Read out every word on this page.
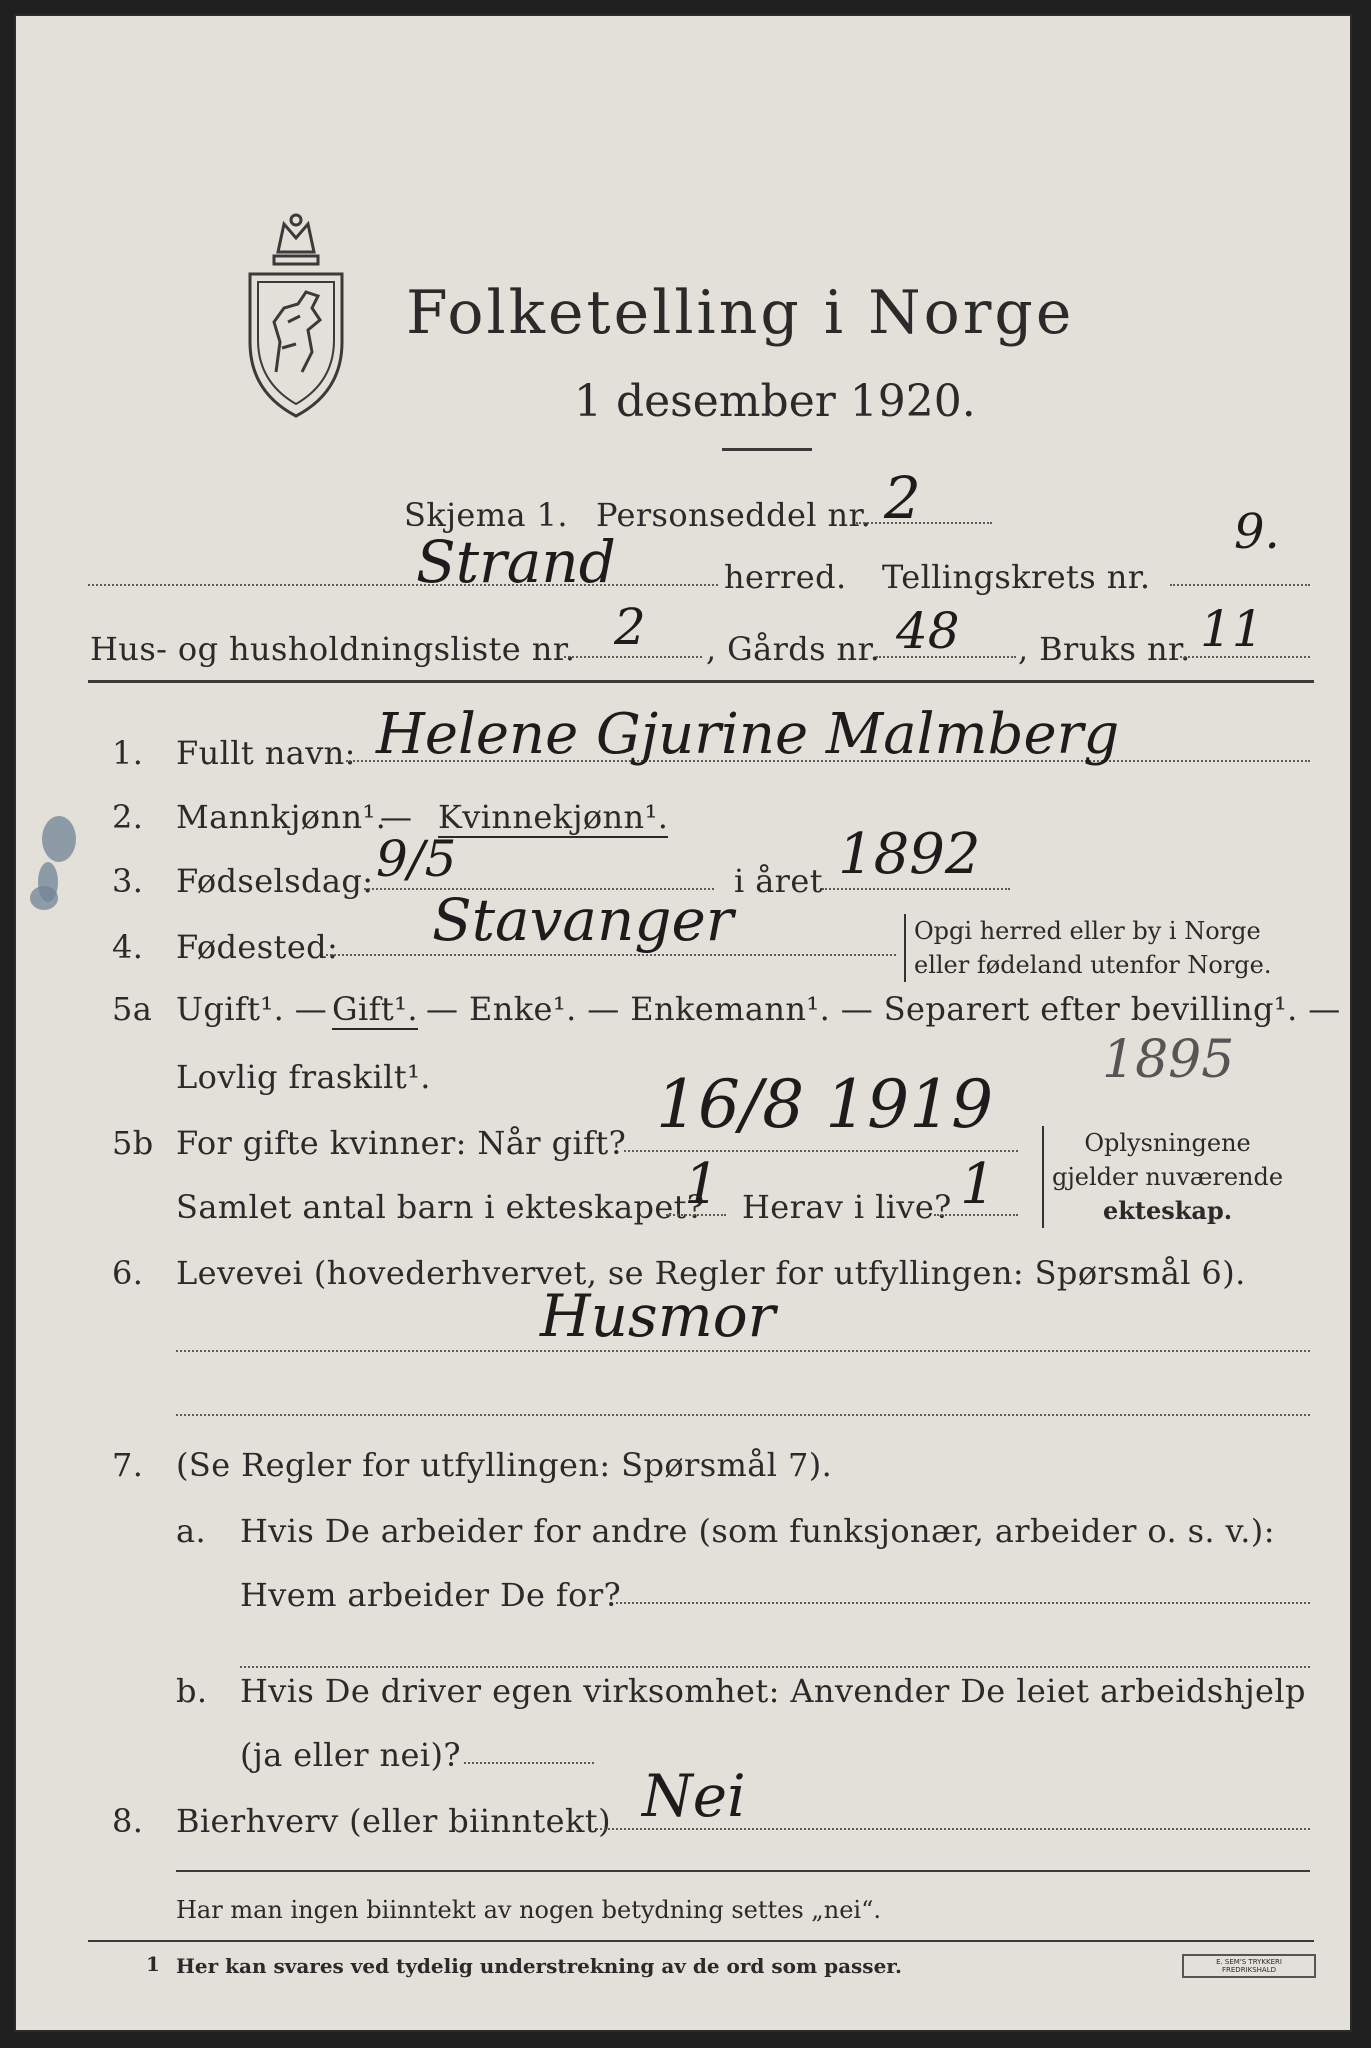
Folketelling i Norge
1 desember 1920.
Skjema 1. Personseddel nr. 2
Strand	herred. Tellingskrets nr.
9.
Hus- og husholdningsliste nr. 2 , Gårds nr. 48 , Bruks nr. 11
1. Fullt navn: Helene Gjurine Malmberg
2. Mannkjønn¹.
— Kvinnekjønn¹.
3. Fødselsdag: 9/5	i året 1892
4. Fødested: Stavanger	Opgi herred eller by i Norge
eller fødeland utenfor Norge.
5a Ugift¹. — Gift¹. — Enke¹. — Enkemann¹. — Separert efter bevilling¹. —
Lovlig fraskilt¹.
5b For gifte kvinner: Når gift? 16/8 1919
1895
Samlet antal barn i ekteskapet?
1 Herav i live? 1
Oplysningene
gjelder nuværende
ekteskap.
6. Levevei (hovederhvervet, se Regler for utfyllingen: Spørsmål 6).
Husmor
7. (Se Regler for utfyllingen: Spørsmål 7).
a. Hvis De arbeider for andre (som funksjonær, arbeider o. s. v.):
Hvem arbeider De for?
b. Hvis De driver egen virksomhet: Anvender De leiet arbeidshjelp
(ja eller nei)?
8. Bierhverv (eller biinntekt) Nei
Har man ingen biinntekt av nogen betydning settes „nei“.
1 Her kan svares ved tydelig understrekning av de ord som passer.	E. SEM'S TRYKKERI
FREDRIKSHALD
